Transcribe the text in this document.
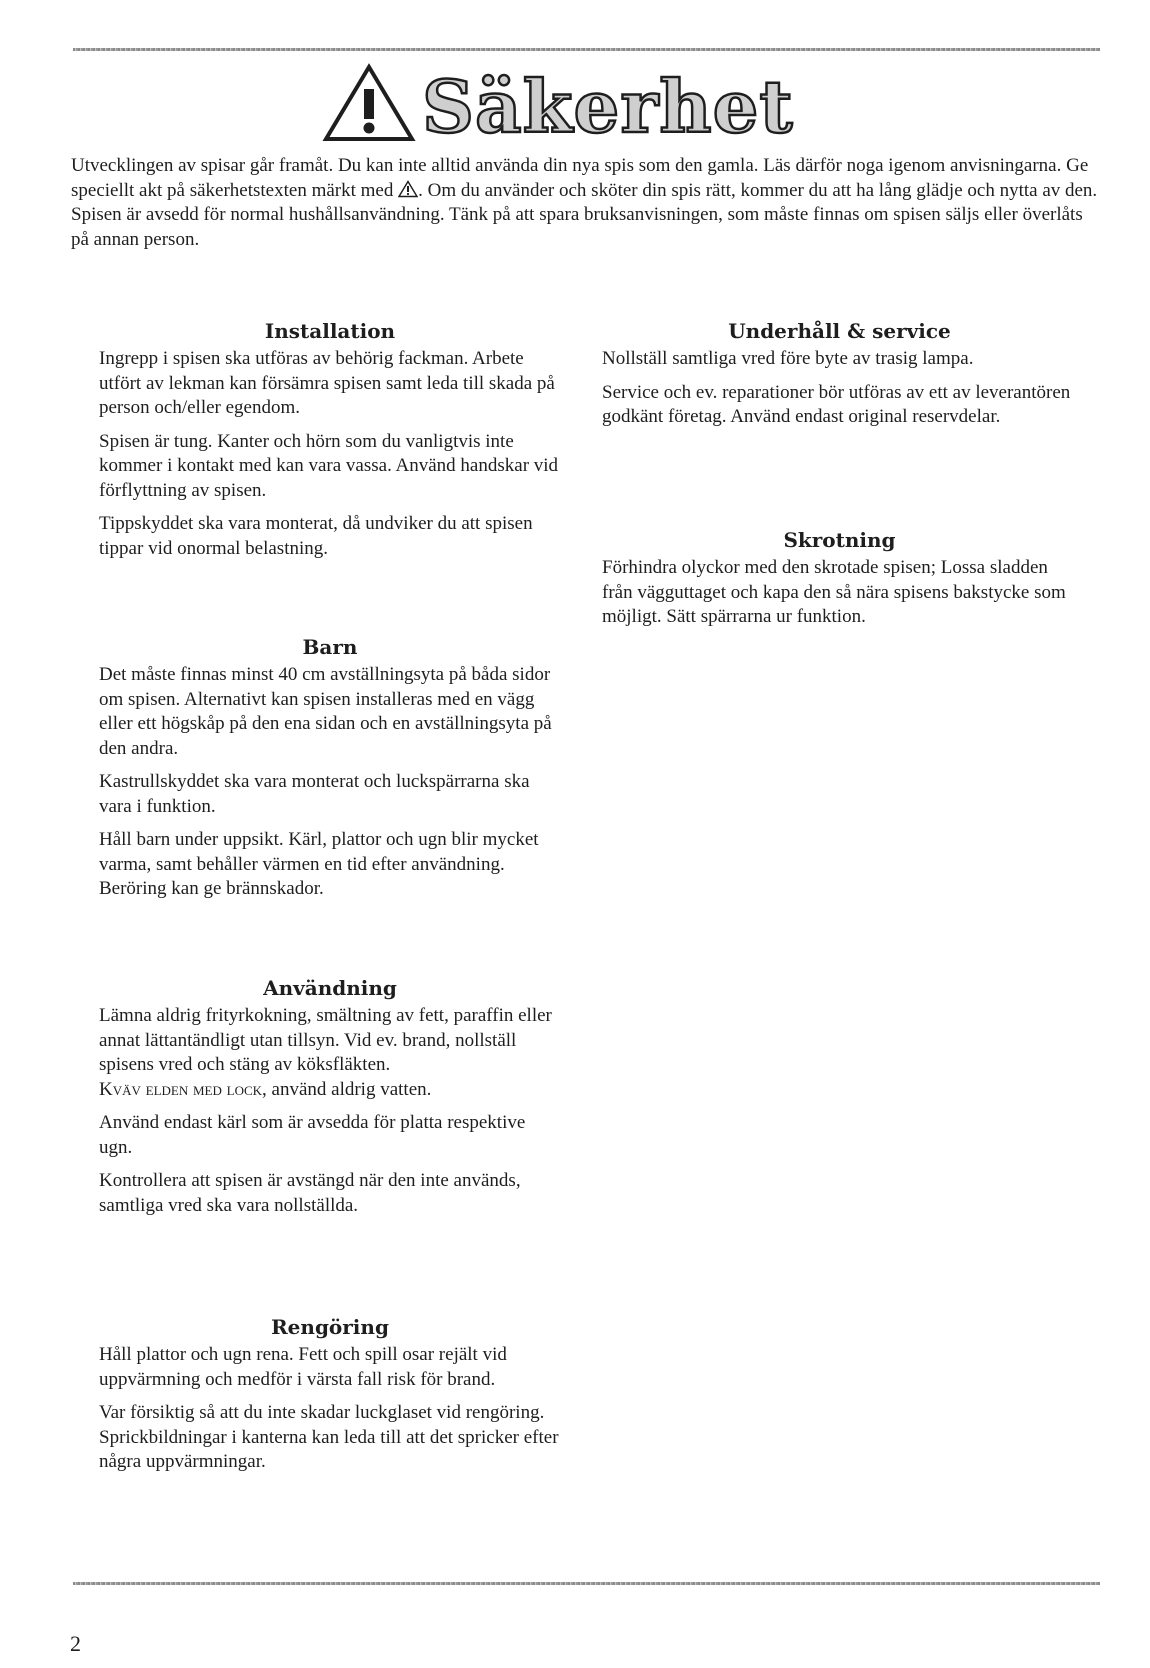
Säkerhet

Utvecklingen av spisar går framåt. Du kan inte alltid använda din nya spis som den gamla. Läs därför noga igenom anvisningarna. Ge speciellt akt på säkerhetstexten märkt med . Om du använder och sköter din spis rätt, kommer du att ha lång glädje och nytta av den. Spisen är avsedd för normal hushållsanvändning. Tänk på att spara bruksanvisningen, som måste finnas om spisen säljs eller överlåts på annan person.

Installation

Ingrepp i spisen ska utföras av behörig fackman. Arbete utfört av lekman kan försämra spisen samt leda till skada på person och/eller egendom.

Spisen är tung. Kanter och hörn som du vanligtvis inte kommer i kontakt med kan vara vassa. Använd handskar vid förflyttning av spisen.

Tippskyddet ska vara monterat, då undviker du att spisen tippar vid onormal belastning.

Barn

Det måste finnas minst 40 cm avställningsyta på båda sidor om spisen. Alternativt kan spisen installeras med en vägg eller ett högskåp på den ena sidan och en avställningsyta på den andra.

Kastrullskyddet ska vara monterat och luckspärrarna ska vara i funktion.

Håll barn under uppsikt. Kärl, plattor och ugn blir mycket varma, samt behåller värmen en tid efter användning. Beröring kan ge brännskador.

Användning

Lämna aldrig frityrkokning, smältning av fett, paraffin eller annat lättantändligt utan tillsyn. Vid ev. brand, nollställ spisens vred och stäng av köksfläkten.
Kväv elden med lock, använd aldrig vatten.

Använd endast kärl som är avsedda för platta respektive ugn.

Kontrollera att spisen är avstängd när den inte används, samtliga vred ska vara nollställda.

Rengöring

Håll plattor och ugn rena. Fett och spill osar rejält vid uppvärmning och medför i värsta fall risk för brand.

Var försiktig så att du inte skadar luckglaset vid rengöring. Sprickbildningar i kanterna kan leda till att det spricker efter några uppvärmningar.

Underhåll & service

Nollställ samtliga vred före byte av trasig lampa.

Service och ev. reparationer bör utföras av ett av leverantören godkänt företag. Använd endast original reservdelar.

Skrotning

Förhindra olyckor med den skrotade spisen; Lossa sladden från vägguttaget och kapa den så nära spisens bakstycke som möjligt. Sätt spärrarna ur funktion.

2
